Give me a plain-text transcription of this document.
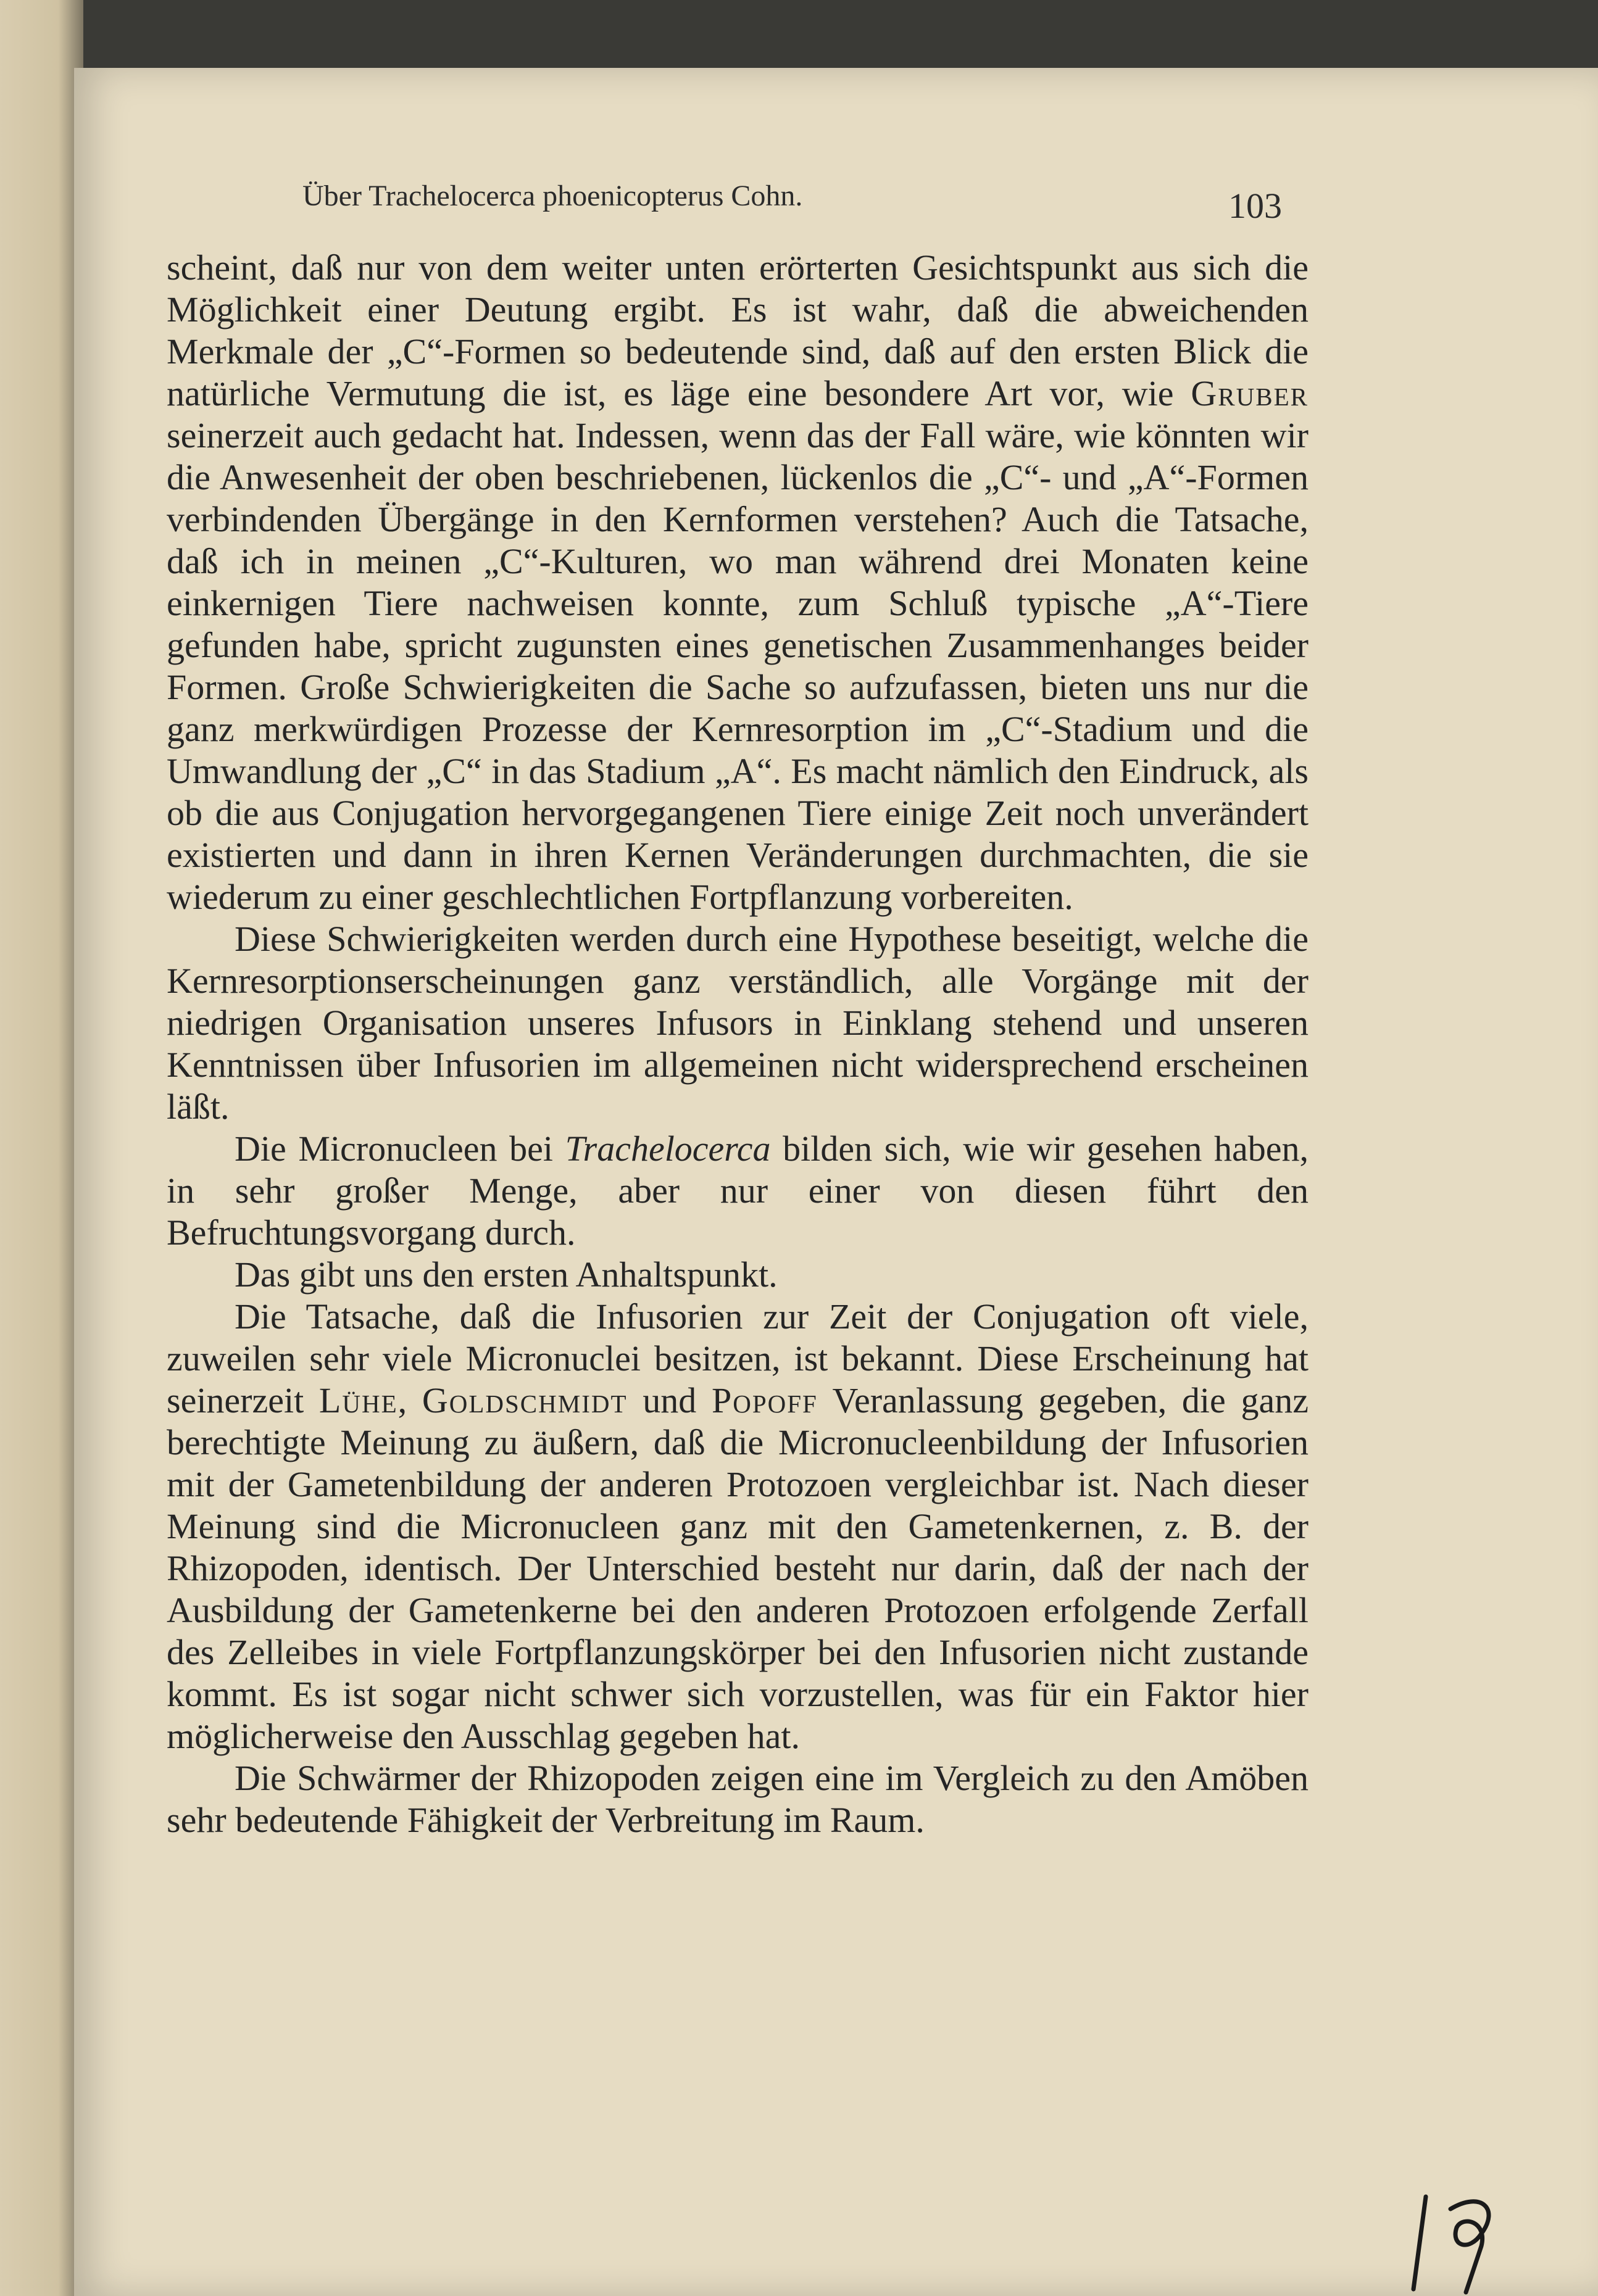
Über Trachelocerca phoenicopterus Cohn.	103

scheint, daß nur von dem weiter unten erörterten Gesichtspunkt aus sich die Möglichkeit einer Deutung ergibt. Es ist wahr, daß die abweichenden Merkmale der „C“-Formen so bedeutende sind, daß auf den ersten Blick die natürliche Vermutung die ist, es läge eine besondere Art vor, wie Gruber seinerzeit auch gedacht hat. Indessen, wenn das der Fall wäre, wie könnten wir die Anwesenheit der oben beschriebenen, lückenlos die „C“- und „A“-Formen verbindenden Übergänge in den Kernformen verstehen? Auch die Tatsache, daß ich in meinen „C“-Kulturen, wo man während drei Monaten keine einkernigen Tiere nachweisen konnte, zum Schluß typische „A“-Tiere gefunden habe, spricht zugunsten eines genetischen Zusammenhanges beider Formen. Große Schwierigkeiten die Sache so aufzufassen, bieten uns nur die ganz merkwürdigen Prozesse der Kernresorption im „C“-Stadium und die Umwandlung der „C“ in das Stadium „A“. Es macht nämlich den Eindruck, als ob die aus Conjugation hervorgegangenen Tiere einige Zeit noch unverändert existierten und dann in ihren Kernen Veränderungen durchmachten, die sie wiederum zu einer geschlechtlichen Fortpflanzung vorbereiten.

Diese Schwierigkeiten werden durch eine Hypothese beseitigt, welche die Kernresorptionserscheinungen ganz verständlich, alle Vorgänge mit der niedrigen Organisation unseres Infusors in Einklang stehend und unseren Kenntnissen über Infusorien im allgemeinen nicht widersprechend erscheinen läßt.

Die Micronucleen bei Trachelocerca bilden sich, wie wir gesehen haben, in sehr großer Menge, aber nur einer von diesen führt den Befruchtungsvorgang durch.

Das gibt uns den ersten Anhaltspunkt.

Die Tatsache, daß die Infusorien zur Zeit der Conjugation oft viele, zuweilen sehr viele Micronuclei besitzen, ist bekannt. Diese Erscheinung hat seinerzeit Lühe, Goldschmidt und Popoff Veranlassung gegeben, die ganz berechtigte Meinung zu äußern, daß die Micronucleenbildung der Infusorien mit der Gametenbildung der anderen Protozoen vergleichbar ist. Nach dieser Meinung sind die Micronucleen ganz mit den Gametenkernen, z. B. der Rhizopoden, identisch. Der Unterschied besteht nur darin, daß der nach der Ausbildung der Gametenkerne bei den anderen Protozoen erfolgende Zerfall des Zelleibes in viele Fortpflanzungskörper bei den Infusorien nicht zustande kommt. Es ist sogar nicht schwer sich vorzustellen, was für ein Faktor hier möglicherweise den Ausschlag gegeben hat.

Die Schwärmer der Rhizopoden zeigen eine im Vergleich zu den Amöben sehr bedeutende Fähigkeit der Verbreitung im Raum.
